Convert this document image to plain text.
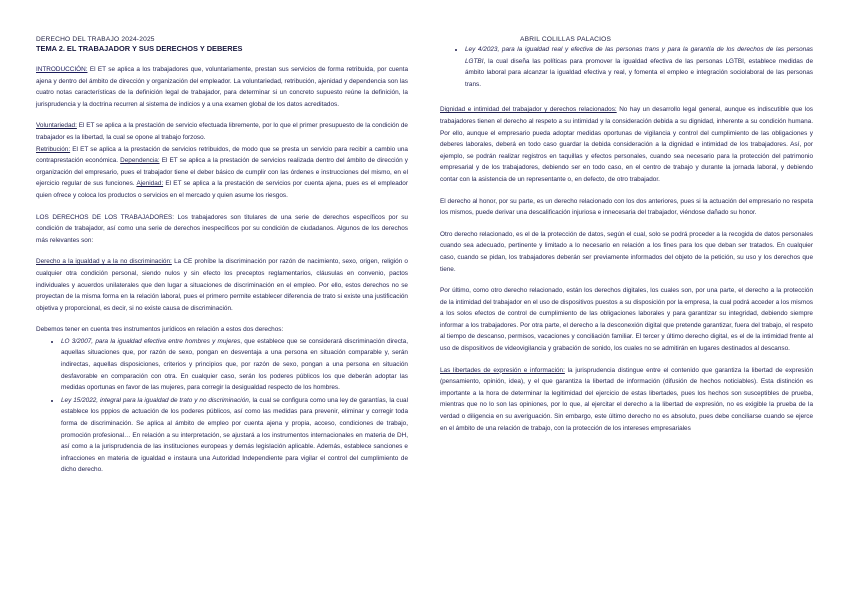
DERECHO DEL TRABAJO 2024-2025	ABRIL COLILLAS PALACIOS
TEMA 2. EL TRABAJADOR Y SUS DERECHOS Y DEBERES

INTRODUCCIÓN: El ET se aplica a los trabajadores que, voluntariamente, prestan sus servicios de forma retribuida, por cuenta ajena y dentro del ámbito de dirección y organización del empleador. La voluntariedad, retribución, ajenidad y dependencia son las cuatro notas características de la definición legal de trabajador, para determinar si un concreto supuesto reúne la definición, la jurisprudencia y la doctrina recurren al sistema de indicios y a una examen global de los datos acreditados.

Voluntariedad: El ET se aplica a la prestación de servicio efectuada libremente, por lo que el primer presupuesto de la condición de trabajador es la libertad, la cual se opone al trabajo forzoso.
Retribución: El ET se aplica a la prestación de servicios retribuidos, de modo que se presta un servicio para recibir a cambio una contraprestación económica. Dependencia: El ET se aplica a la prestación de servicios realizada dentro del ámbito de dirección y organización del empresario, pues el trabajador tiene el deber básico de cumplir con las órdenes e instrucciones del mismo, en el ejercicio regular de sus funciones. Ajenidad: El ET se aplica a la prestación de servicios por cuenta ajena, pues es el empleador quien ofrece y coloca los productos o servicios en el mercado y quien asume los riesgos.

LOS DERECHOS DE LOS TRABAJADORES: Los trabajadores son titulares de una serie de derechos específicos por su condición de trabajador, así como una serie de derechos inespecíficos por su condición de ciudadanos. Algunos de los derechos más relevantes son:

Derecho a la igualdad y a la no discriminación: La CE prohíbe la discriminación por razón de nacimiento, sexo, origen, religión o cualquier otra condición personal, siendo nulos y sin efecto los preceptos reglamentarios, cláusulas en convenio, pactos individuales y acuerdos unilaterales que den lugar a situaciones de discriminación en el empleo. Por ello, estos derechos no se proyectan de la misma forma en la relación laboral, pues el primero permite establecer diferencia de trato si existe una justificación objetiva y proporcional, es decir, si no existe causa de discriminación.

Debemos tener en cuenta tres instrumentos jurídicos en relación a estos dos derechos:
• LO 3/2007, para la igualdad efectiva entre hombres y mujeres, que establece que se considerará discriminación directa, aquellas situaciones que, por razón de sexo, pongan en desventaja a una persona en situación comparable y, serán indirectas, aquellas disposiciones, criterios y principios que, por razón de sexo, pongan a una persona en situación desfavorable en comparación con otra. En cualquier caso, serán los poderes públicos los que deberán adoptar las medidas oportunas en favor de las mujeres, para corregir la desigualdad respecto de los hombres.
• Ley 15/2022, integral para la igualdad de trato y no discriminación, la cual se configura como una ley de garantías, la cual establece los pppios de actuación de los poderes públicos, así como las medidas para prevenir, eliminar y corregir toda forma de discriminación. Se aplica al ámbito de empleo por cuenta ajena y propia, acceso, condiciones de trabajo, promoción profesional… En relación a su interpretación, se ajustará a los instrumentos internacionales en materia de DH, así como a la jurisprudencia de las instituciones europeas y demás legislación aplicable. Además, establece sanciones e infracciones en materia de igualdad e instaura una Autoridad Independiente para vigilar el control del cumplimiento de dicho derecho.
• Ley 4/2023, para la igualdad real y efectiva de las personas trans y para la garantía de los derechos de las personas LGTBI, la cual diseña las políticas para promover la igualdad efectiva de las personas LGTBI, establece medidas de ámbito laboral para alcanzar la igualdad efectiva y real, y fomenta el empleo e integración sociolaboral de las personas trans.

Dignidad e intimidad del trabajador y derechos relacionados: No hay un desarrollo legal general, aunque es indiscutible que los trabajadores tienen el derecho al respeto a su intimidad y la consideración debida a su dignidad, inherente a su condición humana. Por ello, aunque el empresario pueda adoptar medidas oportunas de vigilancia y control del cumplimiento de las obligaciones y deberes laborales, deberá en todo caso guardar la debida consideración a la dignidad e intimidad de los trabajadores. Así, por ejemplo, se podrán realizar registros en taquillas y efectos personales, cuando sea necesario para la protección del patrimonio empresarial y de los trabajadores, debiendo ser en todo caso, en el centro de trabajo y durante la jornada laboral, y debiendo contar con la asistencia de un representante o, en defecto, de otro trabajador.

El derecho al honor, por su parte, es un derecho relacionado con los dos anteriores, pues si la actuación del empresario no respeta los mismos, puede derivar una descalificación injuriosa e innecesaria del trabajador, viéndose dañado su honor.

Otro derecho relacionado, es el de la protección de datos, según el cual, solo se podrá proceder a la recogida de datos personales cuando sea adecuado, pertinente y limitado a lo necesario en relación a los fines para los que deban ser tratados. En cualquier caso, cuando se pidan, los trabajadores deberán ser previamente informados del objeto de la petición, su uso y los derechos que tiene.

Por último, como otro derecho relacionado, están los derechos digitales, los cuales son, por una parte, el derecho a la protección de la intimidad del trabajador en el uso de dispositivos puestos a su disposición por la empresa, la cual podrá acceder a los mismos a los solos efectos de control de cumplimiento de las obligaciones laborales y para garantizar su integridad, debiendo siempre informar a los trabajadores. Por otra parte, el derecho a la desconexión digital que pretende garantizar, fuera del trabajo, el respeto al tiempo de descanso, permisos, vacaciones y conciliación familiar. El tercer y último derecho digital, es el de la intimidad frente al uso de dispositivos de videovigilancia y grabación de sonido, los cuales no se admitirán en lugares destinados al descanso.

Las libertades de expresión e información: la jurisprudencia distingue entre el contenido que garantiza la libertad de expresión (pensamiento, opinión, idea), y el que garantiza la libertad de información (difusión de hechos noticiables). Esta distinción es importante a la hora de determinar la legitimidad del ejercicio de estas libertades, pues los hechos son susceptibles de prueba, mientras que no lo son las opiniones, por lo que, al ejercitar el derecho a la libertad de expresión, no es exigible la prueba de la verdad o diligencia en su averiguación. Sin embargo, este último derecho no es absoluto, pues debe conciliarse cuando se ejerce en el ámbito de una relación de trabajo, con la protección de los intereses empresariales
